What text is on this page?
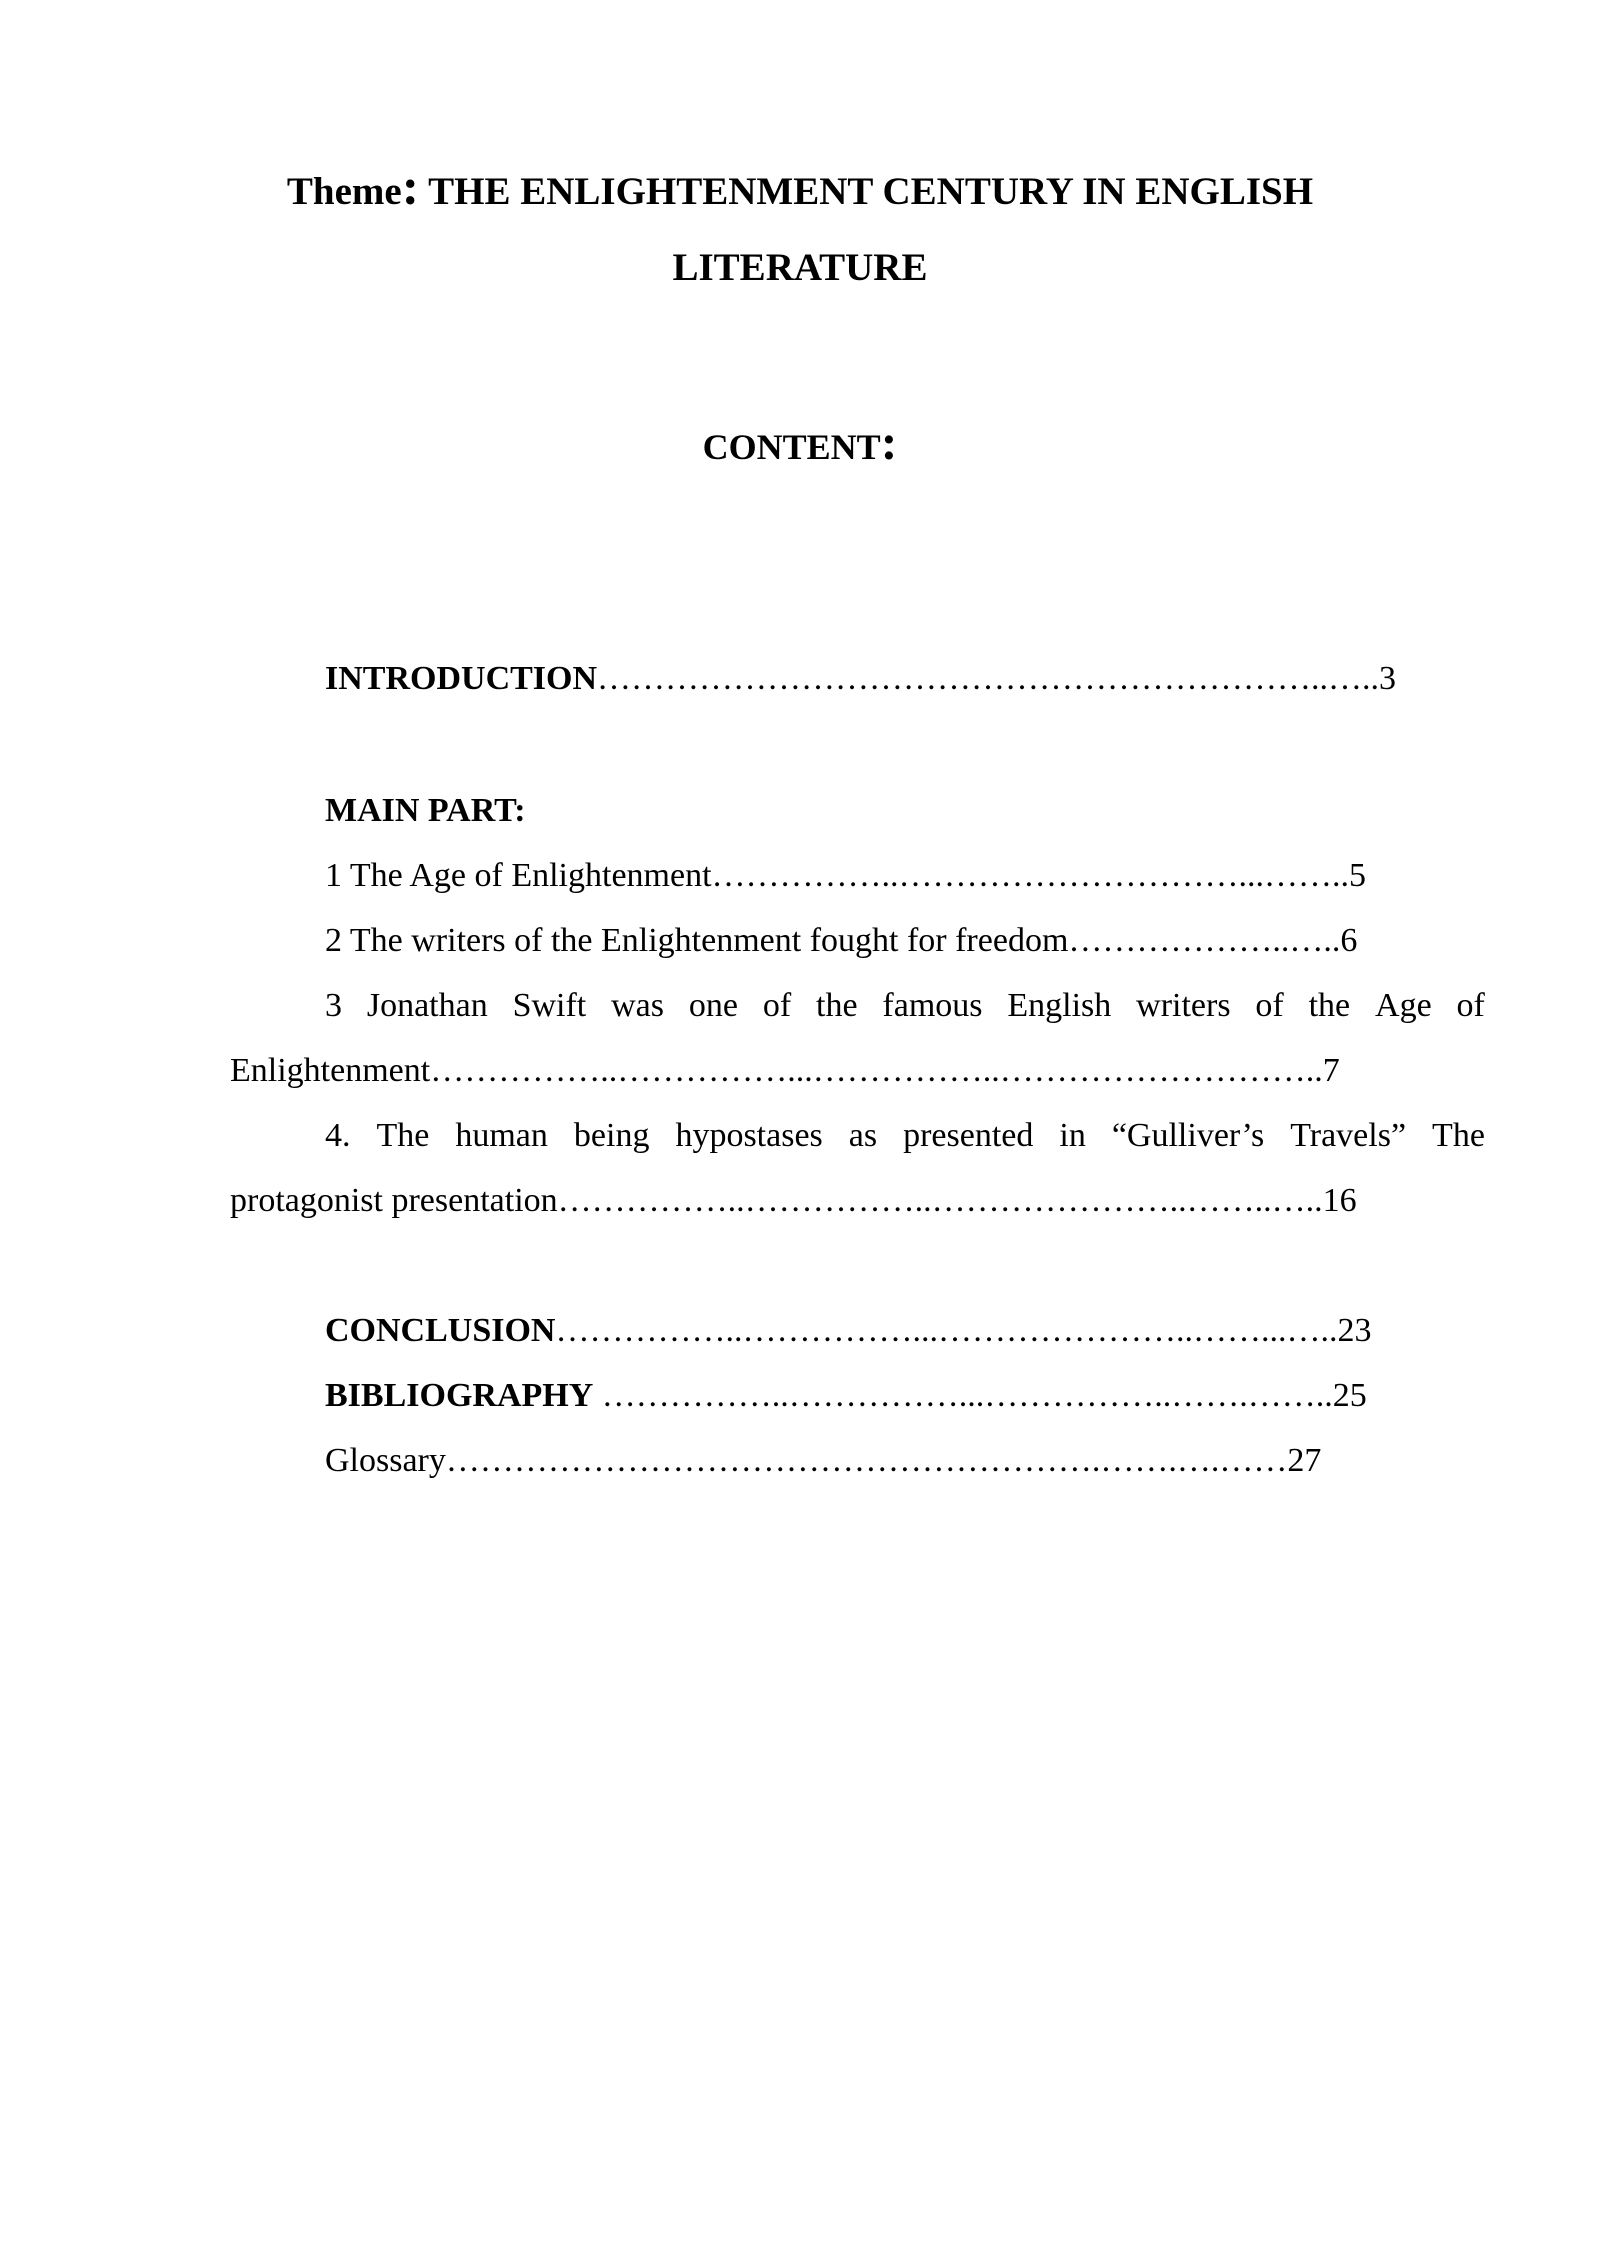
Theme: THE ENLIGHTENMENT CENTURY IN ENGLISH
LITERATURE
CONTENT:
INTRODUCTION………………………………………………………..…..3
MAIN PART:
1 The Age of Enlightenment……………..…………………………...……..5
2 The writers of the Enlightenment fought for freedom………………..…..6
3 Jonathan Swift was one of the famous English writers of the Age of
Enlightenment……………..……………...……………..………………………..7
4. The human being hypostases as presented in “Gulliver’s Travels” The
protagonist presentation……………..……………..…………………..……..…..16
CONCLUSION……………..……………...…………………..……...…..23
BIBLIOGRAPHY ……………..……………...……………..…….……..25
Glossary………………………………………………….…….….……27
